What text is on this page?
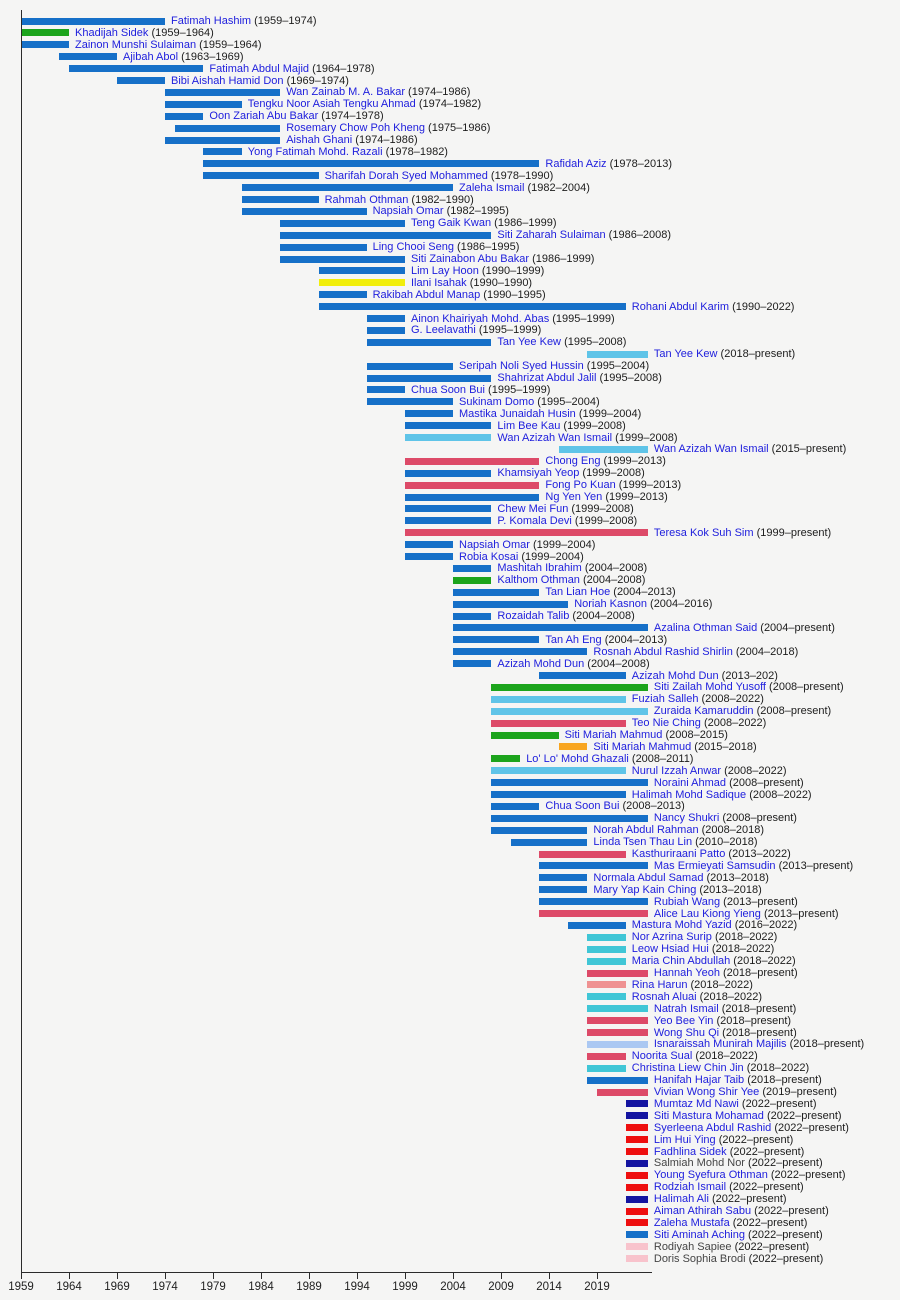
Fatimah Hashim (1959–1974)
Khadijah Sidek (1959–1964)
Zainon Munshi Sulaiman (1959–1964)
Ajibah Abol (1963–1969)
Fatimah Abdul Majid (1964–1978)
Bibi Aishah Hamid Don (1969–1974)
Wan Zainab M. A. Bakar (1974–1986)
Tengku Noor Asiah Tengku Ahmad (1974–1982)
Oon Zariah Abu Bakar (1974–1978)
Rosemary Chow Poh Kheng (1975–1986)
Aishah Ghani (1974–1986)
Yong Fatimah Mohd. Razali (1978–1982)
Rafidah Aziz (1978–2013)
Sharifah Dorah Syed Mohammed (1978–1990)
Zaleha Ismail (1982–2004)
Rahmah Othman (1982–1990)
Napsiah Omar (1982–1995)
Teng Gaik Kwan (1986–1999)
Siti Zaharah Sulaiman (1986–2008)
Ling Chooi Seng (1986–1995)
Siti Zainabon Abu Bakar (1986–1999)
Lim Lay Hoon (1990–1999)
Ilani Isahak (1990–1990)
Rakibah Abdul Manap (1990–1995)
Rohani Abdul Karim (1990–2022)
Ainon Khairiyah Mohd. Abas (1995–1999)
G. Leelavathi (1995–1999)
Tan Yee Kew (1995–2008)
Tan Yee Kew (2018–present)
Seripah Noli Syed Hussin (1995–2004)
Shahrizat Abdul Jalil (1995–2008)
Chua Soon Bui (1995–1999)
Sukinam Domo (1995–2004)
Mastika Junaidah Husin (1999–2004)
Lim Bee Kau (1999–2008)
Wan Azizah Wan Ismail (1999–2008)
Wan Azizah Wan Ismail (2015–present)
Chong Eng (1999–2013)
Khamsiyah Yeop (1999–2008)
Fong Po Kuan (1999–2013)
Ng Yen Yen (1999–2013)
Chew Mei Fun (1999–2008)
P. Komala Devi (1999–2008)
Teresa Kok Suh Sim (1999–present)
Napsiah Omar (1999–2004)
Robia Kosai (1999–2004)
Mashitah Ibrahim (2004–2008)
Kalthom Othman (2004–2008)
Tan Lian Hoe (2004–2013)
Noriah Kasnon (2004–2016)
Rozaidah Talib (2004–2008)
Azalina Othman Said (2004–present)
Tan Ah Eng (2004–2013)
Rosnah Abdul Rashid Shirlin (2004–2018)
Azizah Mohd Dun (2004–2008)
Azizah Mohd Dun (2013–202)
Siti Zailah Mohd Yusoff (2008–present)
Fuziah Salleh (2008–2022)
Zuraida Kamaruddin (2008–present)
Teo Nie Ching (2008–2022)
Siti Mariah Mahmud (2008–2015)
Siti Mariah Mahmud (2015–2018)
Lo' Lo' Mohd Ghazali (2008–2011)
Nurul Izzah Anwar (2008–2022)
Noraini Ahmad (2008–present)
Halimah Mohd Sadique (2008–2022)
Chua Soon Bui (2008–2013)
Nancy Shukri (2008–present)
Norah Abdul Rahman (2008–2018)
Linda Tsen Thau Lin (2010–2018)
Kasthuriraani Patto (2013–2022)
Mas Ermieyati Samsudin (2013–present)
Normala Abdul Samad (2013–2018)
Mary Yap Kain Ching (2013–2018)
Rubiah Wang (2013–present)
Alice Lau Kiong Yieng (2013–present)
Mastura Mohd Yazid (2016–2022)
Nor Azrina Surip (2018–2022)
Leow Hsiad Hui (2018–2022)
Maria Chin Abdullah (2018–2022)
Hannah Yeoh (2018–present)
Rina Harun (2018–2022)
Rosnah Aluai (2018–2022)
Natrah Ismail (2018–present)
Yeo Bee Yin (2018–present)
Wong Shu Qi (2018–present)
Isnaraissah Munirah Majilis (2018–present)
Noorita Sual (2018–2022)
Christina Liew Chin Jin (2018–2022)
Hanifah Hajar Taib (2018–present)
Vivian Wong Shir Yee (2019–present)
Mumtaz Md Nawi (2022–present)
Siti Mastura Mohamad (2022–present)
Syerleena Abdul Rashid (2022–present)
Lim Hui Ying (2022–present)
Fadhlina Sidek (2022–present)
Salmiah Mohd Nor (2022–present)
Young Syefura Othman (2022–present)
Rodziah Ismail (2022–present)
Halimah Ali (2022–present)
Aiman Athirah Sabu (2022–present)
Zaleha Mustafa (2022–present)
Siti Aminah Aching (2022–present)
Rodiyah Sapiee (2022–present)
Doris Sophia Brodi (2022–present)
1959	1964	1969	1974	1979	1984	1989	1994	1999	2004	2009	2014	2019
